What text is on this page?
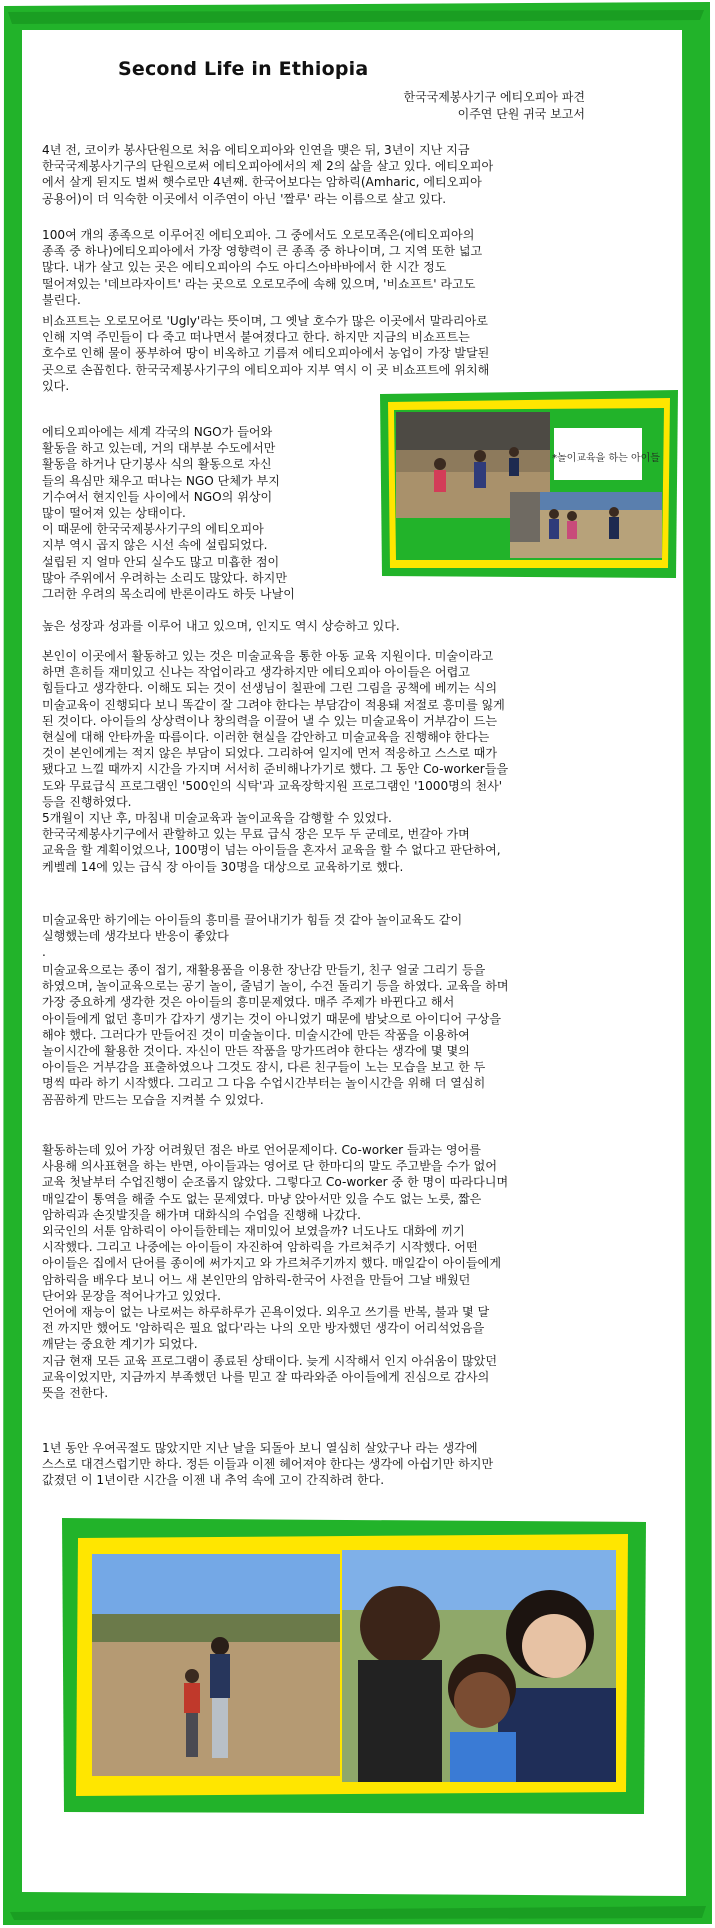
Second Life in Ethiopia
한국국제봉사기구 에티오피아 파견
이주연 단원 귀국 보고서
4년 전, 코이카 봉사단원으로 처음 에티오피아와 인연을 맺은 뒤, 3년이 지난 지금
한국국제봉사기구의 단원으로써 에티오피아에서의 제 2의 삶을 살고 있다. 에티오피아
에서 살게 된지도 벌써 햇수로만 4년째. 한국어보다는 암하릭(Amharic, 에티오피아
공용어)이 더 익숙한 이곳에서 이주연이 아닌 '짤루' 라는 이름으로 살고 있다.
100여 개의 종족으로 이루어진 에티오피아. 그 중에서도 오로모족은(에티오피아의
종족 중 하나)에티오피아에서 가장 영향력이 큰 종족 중 하나이며, 그 지역 또한 넓고
많다. 내가 살고 있는 곳은 에티오피아의 수도 아디스아바바에서 한 시간 정도
떨어져있는 '데브라자이트' 라는 곳으로 오로모주에 속해 있으며, '비쇼프트' 라고도
불린다.
비쇼프트는 오로모어로 'Ugly'라는 뜻이며, 그 옛날 호수가 많은 이곳에서 말라리아로
인해 지역 주민들이 다 죽고 떠나면서 붙여졌다고 한다. 하지만 지금의 비쇼프트는
호수로 인해 물이 풍부하여 땅이 비옥하고 기름져 에티오피아에서 농업이 가장 발달된
곳으로 손꼽힌다. 한국국제봉사기구의 에티오피아 지부 역시 이 곳 비쇼프트에 위치해
있다.
에티오피아에는 세계 각국의 NGO가 들어와
활동을 하고 있는데, 거의 대부분 수도에서만
활동을 하거나 단기봉사 식의 활동으로 자신
들의 욕심만 채우고 떠나는 NGO 단체가 부지
기수여서 현지인들 사이에서 NGO의 위상이
많이 떨어져 있는 상태이다.
이 때문에 한국국제봉사기구의 에티오피아
지부 역시 곱지 않은 시선 속에 설립되었다.
설립된 지 얼마 안되 실수도 많고 미흡한 점이
많아 주위에서 우려하는 소리도 많았다. 하지만
그러한 우려의 목소리에 반론이라도 하듯 나날이
높은 성장과 성과를 이루어 내고 있으며, 인지도 역시 상승하고 있다.
*놀이교육을 하는 아이들
본인이 이곳에서 활동하고 있는 것은 미술교육을 통한 아동 교육 지원이다. 미술이라고
하면 흔히들 재미있고 신나는 작업이라고 생각하지만 에티오피아 아이들은 어렵고
힘들다고 생각한다. 이해도 되는 것이 선생님이 칠판에 그린 그림을 공책에 베끼는 식의
미술교육이 진행되다 보니 똑같이 잘 그려야 한다는 부담감이 적용돼 저절로 흥미를 잃게
된 것이다. 아이들의 상상력이나 창의력을 이끌어 낼 수 있는 미술교육이 거부감이 드는
현실에 대해 안타까울 따름이다. 이러한 현실을 감안하고 미술교육을 진행해야 한다는
것이 본인에게는 적지 않은 부담이 되었다. 그리하여 일지에 먼저 적응하고 스스로 때가
됐다고 느낄 때까지 시간을 가지며 서서히 준비해나가기로 했다. 그 동안 Co-worker들을
도와 무료급식 프로그램인 '500인의 식탁'과 교육장학지원 프로그램인 '1000명의 천사'
등을 진행하였다.
5개월이 지난 후, 마침내 미술교육과 놀이교육을 감행할 수 있었다.
한국국제봉사기구에서 관할하고 있는 무료 급식 장은 모두 두 군데로, 번갈아 가며
교육을 할 계획이었으나, 100명이 넘는 아이들을 혼자서 교육을 할 수 없다고 판단하여,
케벨레 14에 있는 급식 장 아이들 30명을 대상으로 교육하기로 했다.
미술교육만 하기에는 아이들의 흥미를 끌어내기가 힘들 것 같아 놀이교육도 같이
실행했는데 생각보다 반응이 좋았다
.
미술교육으로는 종이 접기, 재활용품을 이용한 장난감 만들기, 친구 얼굴 그리기 등을
하였으며, 놀이교육으로는 공기 놀이, 줄넘기 놀이, 수건 돌리기 등을 하였다. 교육을 하며
가장 중요하게 생각한 것은 아이들의 흥미문제였다. 매주 주제가 바뀐다고 해서
아이들에게 없던 흥미가 갑자기 생기는 것이 아니었기 때문에 밤낮으로 아이디어 구상을
해야 했다. 그러다가 만들어진 것이 미술놀이다. 미술시간에 만든 작품을 이용하여
놀이시간에 활용한 것이다. 자신이 만든 작품을 망가뜨려야 한다는 생각에 몇 몇의
아이들은 거부감을 표출하였으나 그것도 잠시, 다른 친구들이 노는 모습을 보고 한 두
명씩 따라 하기 시작했다. 그리고 그 다음 수업시간부터는 놀이시간을 위해 더 열심히
꼼꼼하게 만드는 모습을 지켜볼 수 있었다.
활동하는데 있어 가장 어려웠던 점은 바로 언어문제이다. Co-worker 들과는 영어를
사용해 의사표현을 하는 반면, 아이들과는 영어로 단 한마디의 말도 주고받을 수가 없어
교육 첫날부터 수업진행이 순조롭지 않았다. 그렇다고 Co-worker 중 한 명이 따라다니며
매일같이 통역을 해줄 수도 없는 문제였다. 마냥 앉아서만 있을 수도 없는 노릇, 짧은
암하릭과 손짓발짓을 해가며 대화식의 수업을 진행해 나갔다.
외국인의 서툰 암하릭이 아이들한테는 재미있어 보였을까? 너도나도 대화에 끼기
시작했다. 그리고 나중에는 아이들이 자진하여 암하릭을 가르쳐주기 시작했다. 어떤
아이들은 집에서 단어를 종이에 써가지고 와 가르쳐주기까지 했다. 매일같이 아이들에게
암하릭을 배우다 보니 어느 새 본인만의 암하릭-한국어 사전을 만들어 그날 배웠던
단어와 문장을 적어나가고 있었다.
언어에 재능이 없는 나로써는 하루하루가 곤욕이었다. 외우고 쓰기를 반복, 불과 몇 달
전 까지만 했어도 '암하릭은 필요 없다'라는 나의 오만 방자했던 생각이 어리석었음을
깨닫는 중요한 계기가 되었다.
지금 현재 모든 교육 프로그램이 종료된 상태이다. 늦게 시작해서 인지 아쉬움이 많았던
교육이었지만, 지금까지 부족했던 나를 믿고 잘 따라와준 아이들에게 진심으로 감사의
뜻을 전한다.
1년 동안 우여곡절도 많았지만 지난 날을 되돌아 보니 열심히 살았구나 라는 생각에
스스로 대견스럽기만 하다. 정든 이들과 이젠 헤어져야 한다는 생각에 아쉽기만 하지만
값졌던 이 1년이란 시간을 이젠 내 추억 속에 고이 간직하려 한다.
